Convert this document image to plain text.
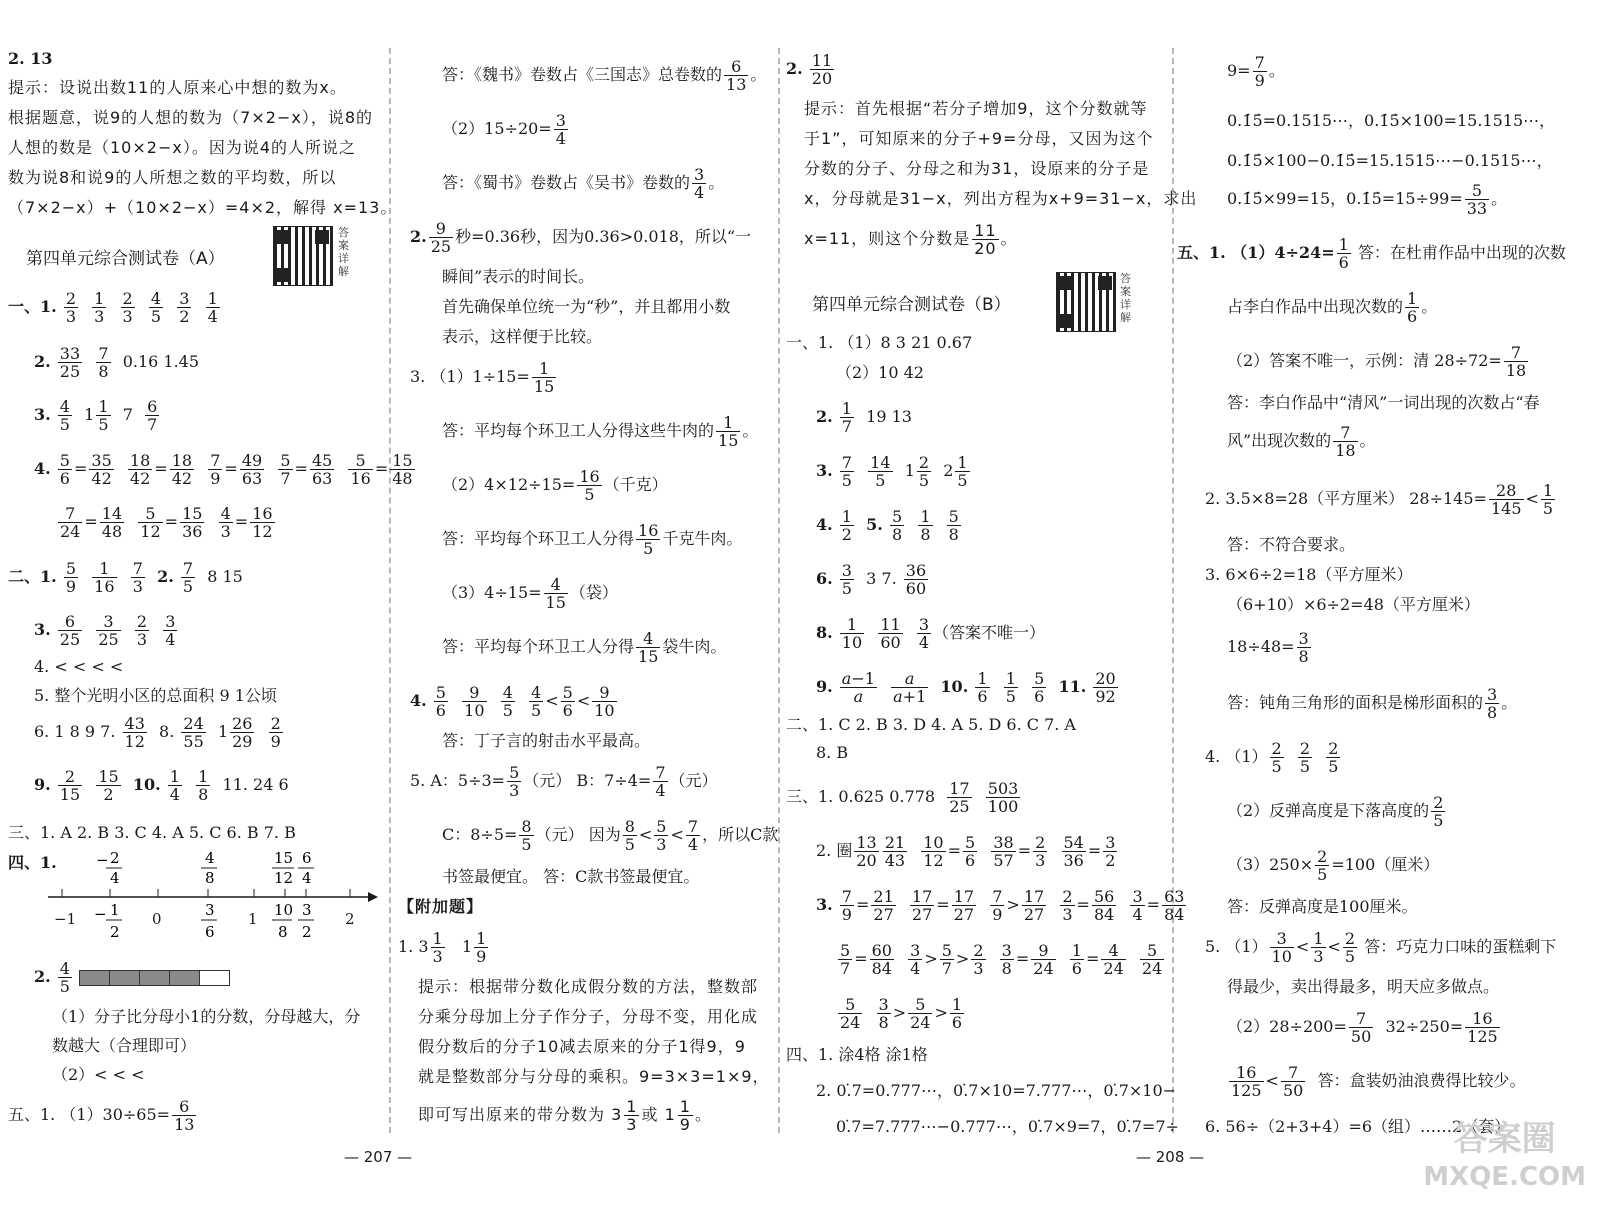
2. 13
提示：设说出数11的人原来心中想的数为x。
根据题意，说9的人想的数为（7×2−x），说8的
人想的数是（10×2−x）。因为说4的人所说之
数为说8和说9的人所想之数的平均数，所以
（7×2−x）+（10×2−x）=4×2，解得 x=13。
第四单元综合测试卷（A）
答案详解
一、1. $\frac{2}{3}$
$\frac{1}{3}$
$\frac{2}{3}$
$\frac{4}{5}$
$\frac{3}{2}$
$\frac{1}{4}$
2. $\frac{33}{25}$
$\frac{7}{8} 0.16$ 1.45
3. $\frac{4}{5} 1 \frac{1}{5} 7 \frac{6}{7}$
4. $\frac{5}{6} = \frac{35}{42}$
$\frac{18}{42} = \frac{18}{42}$
$\frac{7}{9} = \frac{49}{63}$
$\frac{5}{7} = \frac{45}{63}$
$\frac{5}{16} = \frac{15}{48}$
$\frac{7}{24} = \frac{14}{48}$
$\frac{5}{12} = \frac{15}{36}$
$\frac{4}{3} = \frac{16}{12}$
二、1. $\frac{5}{9}$
$\frac{1}{16}$
$\frac{7}{3} 2$. $\frac{7}{5} 8$ 15
3. $\frac{6}{25}$
$\frac{3}{25}$
$\frac{2}{3}$
$\frac{3}{4}$
4. < < < <
5. 整个光明小区的总面积 9 1公顷
6. 1 8 9 7. $\frac{43}{12} 8$. $\frac{24}{55} 1 \frac{26}{29}$
$\frac{2}{9}$
9. $\frac{2}{15}$
$\frac{15}{2} 10$. $\frac{1}{4}$
$\frac{1}{8} 11$. 24 6
三、1. A 2. B 3. C 4. A 5. C 6. B 7. B
四、1.	− 2
4
4
8
15
12
6
4
− 1
2
3
6
10
8
3
2
−1	0	1	2
2. $\frac{4}{5}$

（1）分子比分母小1的分数，分母越大，分
数越大（合理即可）
（2）< < <
五、1. $(1)30\div 65= \frac{6}{13}$
答：《魏书》卷数占《三国志》总卷数的 $\frac{6}{13}$ 。
$(2)15\div 20= \frac{3}{4}$
答：《蜀书》卷数占《吴书》卷数的 $\frac{3}{4}$ 。
2. $\frac{9}{25}$ 秒=0.36秒，因为0.36>0.018，所以“一
瞬间”表示的时间长。
首先确保单位统一为“秒”，并且都用小数
表示，这样便于比较。
3. $(1)1\div 15= \frac{1}{15}$
答：平均每个环卫工人分得这些牛肉的 $\frac{1}{15}$ 。
$(2)4\times 12\div 15= \frac{16}{5}$ （千克）
答：平均每个环卫工人分得 $\frac{16}{5}$ 千克牛肉。
$(3)4\div 15= \frac{4}{15}$ （袋）
答：平均每个环卫工人分得 $\frac{4}{15}$ 袋牛肉。
4. $\frac{5}{6}$
$\frac{9}{10}$
$\frac{4}{5}$
$\frac{4}{5} < \frac{5}{6} < \frac{9}{10}$
答：丁子言的射击水平最高。
5. A：$5\div 3= \frac{5}{3}$ （元） B：$7\div 4= \frac{7}{4}$ （元）
C：$8\div 5= \frac{8}{5}$ （元） 因为 $\frac{8}{5} < \frac{5}{3} < \frac{7}{4}$ ，所以C款
书签最便宜。 答：C款书签最便宜。
【附加题】
1. $3 \frac{1}{3} 1 \frac{1}{9}$
提示：根据带分数化成假分数的方法，整数部
分乘分母加上分子作分子，分母不变，用化成
假分数后的分子10减去原来的分子1得9，9
就是整数部分与分母的乘积。9=3×3=1×9，
即可写出原来的带分数为 $3 \frac{1}{3}$ 或 $1 \frac{1}{9}$ 。
2. $\frac{11}{20}$
提示：首先根据“若分子增加9，这个分数就等
于1”，可知原来的分子+9=分母，又因为这个
分数的分子、分母之和为31，设原来的分子是
x，分母就是31−x，列出方程为x+9=31−x，求出
x=11，则这个分数是 $\frac{11}{20}$ 。
第四单元综合测试卷（B）
答案详解
一、1. （1）8 3 21 0.67
（2）10 42
2. $\frac{1}{7} 19$ 13
3. $\frac{7}{5}$
$\frac{14}{5} 1 \frac{2}{5} 2 \frac{1}{5}$
4. $\frac{1}{2} 5$. $\frac{5}{8}$
$\frac{1}{8}$
$\frac{5}{8}$
6. $\frac{3}{5} 3$ 7. $\frac{36}{60}$
8. $\frac{1}{10}$
$\frac{11}{60}$
$\frac{3}{4}$ （答案不唯一）
9. $\frac{a-1}{a}$
$\frac{a}{a+1} 10$. $\frac{1}{6}$
$\frac{1}{5}$
$\frac{5}{6} 11$. $\frac{20}{92}$
二、1. C 2. B 3. D 4. A 5. D 6. C 7. A
8. B
三、1. 0.625 $0.778 \frac{17}{25}$
$\frac{503}{100}$
2. 圈 $\frac{13}{20} \frac{21}{43}$
$\frac{10}{12} = \frac{5}{6}$
$\frac{38}{57} = \frac{2}{3}$
$\frac{54}{36} = \frac{3}{2}$
3. $\frac{7}{9} = \frac{21}{27}$
$\frac{17}{27} = \frac{17}{27}$
$\frac{7}{9} > \frac{17}{27}$
$\frac{2}{3} = \frac{56}{84}$
$\frac{3}{4} = \frac{63}{84}$
$\frac{5}{7} = \frac{60}{84}$
$\frac{3}{4} > \frac{5}{7} > \frac{2}{3}$
$\frac{3}{8} = \frac{9}{24}$
$\frac{1}{6} = \frac{4}{24}$
$\frac{5}{24}$
$\frac{5}{24}$
$\frac{3}{8} > \frac{5}{24} > \frac{1}{6}$
四、1. 涂4格 涂1格
2. 0.̇7=0.777⋯，0.̇7×10=7.777⋯，0.̇7×10−
0.̇7=7.777⋯−0.777⋯，0.̇7×9=7，0.̇7=7÷
$9= \frac{7}{9}$ 。
0.1̇5̇=0.1515⋯，0.1̇5̇×100=15.1515⋯，
0.1̇5̇×100−0.1̇5̇=15.1515⋯−0.1515⋯，
0.1̇5̇×99=15，0.1̇5̇=15÷99= $\frac{5}{33}$ 。
五、1. $(1)4\div 24= \frac{1}{6}$ 答：在杜甫作品中出现的次数
占李白作品中出现次数的 $\frac{1}{6}$ 。
（2）答案不唯一，示例：清 $28\div 72= \frac{7}{18}$
答：李白作品中“清风”一词出现的次数占“春
风”出现次数的 $\frac{7}{18}$ 。
2. 3.5×8=28（平方厘米） $28\div 145= \frac{28}{145} < \frac{1}{5}$
答：不符合要求。
3. 6×6÷2=18（平方厘米）
（6+10）×6÷2=48（平方厘米）
$18\div 48= \frac{3}{8}$
答：钝角三角形的面积是梯形面积的 $\frac{3}{8}$ 。
4. $(1) \frac{2}{5}$
$\frac{2}{5}$
$\frac{2}{5}$
（2）反弹高度是下落高度的 $\frac{2}{5}$
$(3)250\times \frac{2}{5} =100$（厘米）
答：反弹高度是100厘米。
5. $(1) \frac{3}{10} < \frac{1}{3} < \frac{2}{5}$ 答：巧克力口味的蛋糕剩下
得最少，卖出得最多，明天应多做点。
$(2)28\div 200= \frac{7}{50} 32\div 250= \frac{16}{125}$
$\frac{16}{125} < \frac{7}{50}$ 答：盒装奶油浪费得比较少。
6. 56÷（2+3+4）=6（组）……2（套）
— 207 —	— 208 —	答案圈
MXQE.COM
